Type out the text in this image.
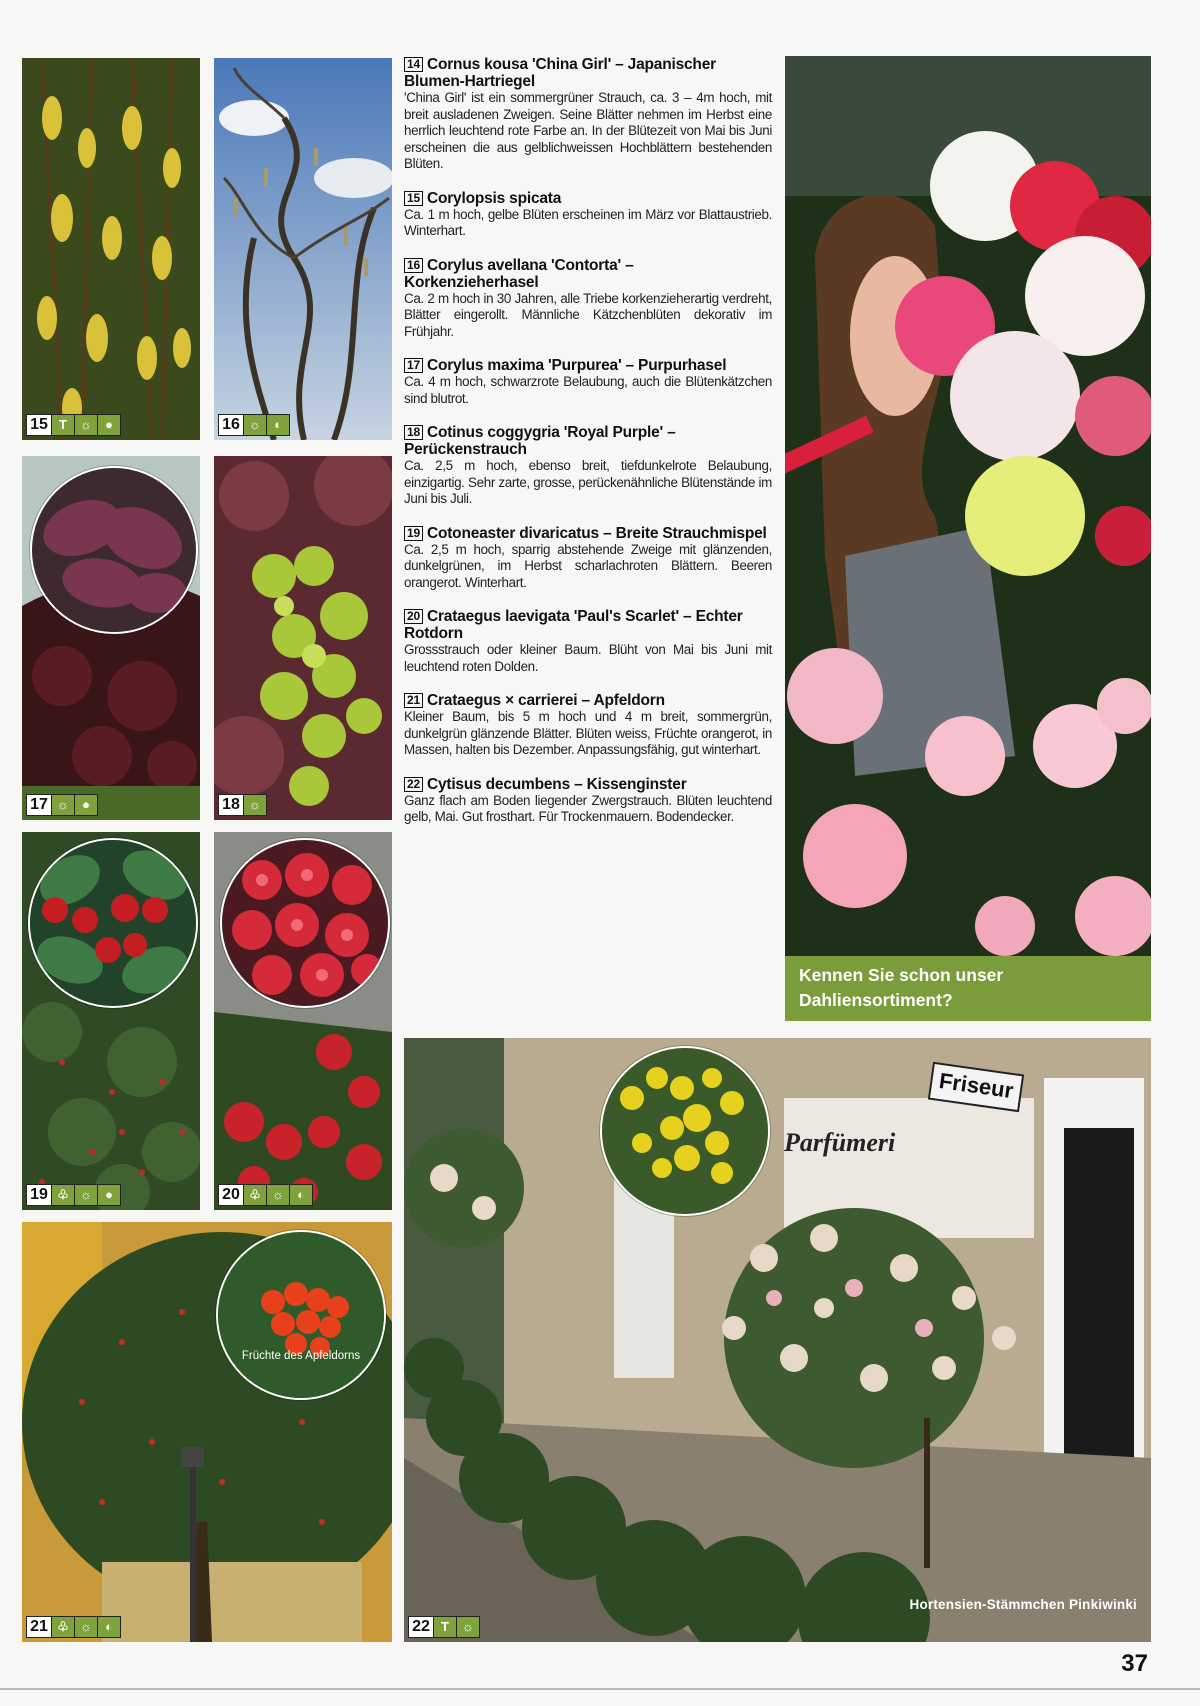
15 T	☼	●	16 ☼	◐
17 ☼	●	18 ☼
19 ♧ ☼	●	20 ♧ ☼	◐
Früchte des Apfeldorns
21 ♧ ☼	◐
14 Cornus kousa 'China Girl' – Japanischer Blumen-Hartriegel
'China Girl' ist ein sommergrüner Strauch, ca. 3 – 4m hoch, mit breit ausladenen Zweigen. Seine Blätter nehmen im Herbst eine herrlich leuchtend rote Farbe an. In der Blütezeit von Mai bis Juni erscheinen die aus gelblichweissen Hochblättern bestehenden Blüten.
15 Corylopsis spicata
Ca. 1 m hoch, gelbe Blüten erscheinen im März vor Blattaustrieb. Winterhart.
16 Corylus avellana 'Contorta' – Korkenzieherhasel
Ca. 2 m hoch in 30 Jahren, alle Triebe korkenzieherartig verdreht, Blätter eingerollt. Männliche Kätzchenblüten dekorativ im Frühjahr.
17 Corylus maxima 'Purpurea' – Purpurhasel
Ca. 4 m hoch, schwarzrote Belaubung, auch die Blütenkätzchen sind blutrot.
18 Cotinus coggygria 'Royal Purple' – Perückenstrauch
Ca. 2,5 m hoch, ebenso breit, tiefdunkelrote Belaubung, einzigartig. Sehr zarte, grosse, perückenähnliche Blütenstände im Juni bis Juli.
19 Cotoneaster divaricatus – Breite Strauchmispel
Ca. 2,5 m hoch, sparrig abstehende Zweige mit glänzenden, dunkelgrünen, im Herbst scharlachroten Blättern. Beeren orangerot. Winterhart.
20 Crataegus laevigata 'Paul's Scarlet' – Echter Rotdorn
Grossstrauch oder kleiner Baum. Blüht von Mai bis Juni mit leuchtend roten Dolden.
21 Crataegus × carrierei – Apfeldorn
Kleiner Baum, bis 5 m hoch und 4 m breit, sommergrün, dunkelgrün glänzende Blätter. Blüten weiss, Früchte orangerot, in Massen, halten bis Dezember. Anpassungsfähig, gut winterhart.
22 Cytisus decumbens – Kissenginster
Ganz flach am Boden liegender Zwergstrauch. Blüten leuchtend gelb, Mai. Gut frosthart. Für Trockenmauern. Bodendecker.
Kennen Sie schon unser
Dahliensortiment?
Friseur
Parfümeri
Hortensien-Stämmchen Pinkiwinki
22 T	☼
37
